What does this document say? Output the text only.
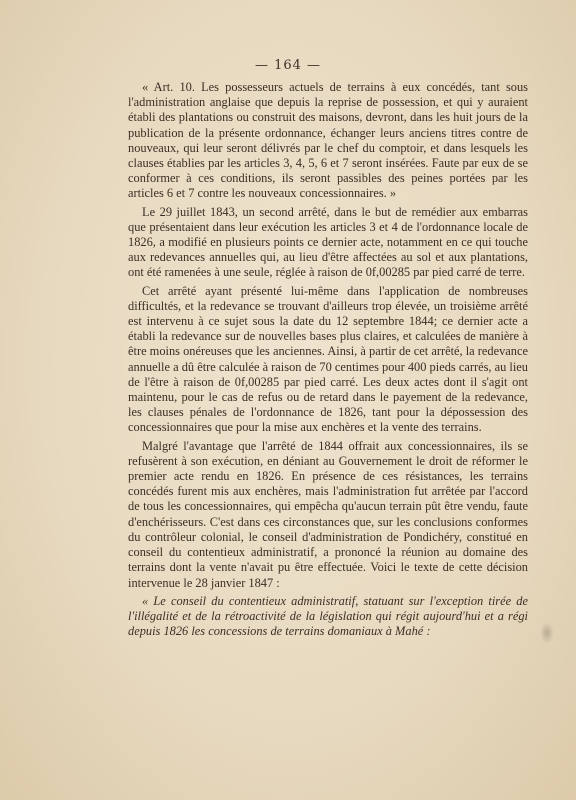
— 164 —

« Art. 10. Les possesseurs actuels de terrains à eux concédés, tant sous l'administration anglaise que depuis la reprise de possession, et qui y auraient établi des plantations ou construit des maisons, devront, dans les huit jours de la publication de la présente ordonnance, échanger leurs anciens titres contre de nouveaux, qui leur seront délivrés par le chef du comptoir, et dans lesquels les clauses établies par les articles 3, 4, 5, 6 et 7 seront insérées. Faute par eux de se conformer à ces conditions, ils seront passibles des peines portées par les articles 6 et 7 contre les nouveaux concessionnaires. »

Le 29 juillet 1843, un second arrêté, dans le but de remédier aux embarras que présentaient dans leur exécution les articles 3 et 4 de l'ordonnance locale de 1826, a modifié en plusieurs points ce dernier acte, notamment en ce qui touche aux redevances annuelles qui, au lieu d'être affectées au sol et aux plantations, ont été ramenées à une seule, réglée à raison de 0f,00285 par pied carré de terre.

Cet arrêté ayant présenté lui-même dans l'application de nombreuses difficultés, et la redevance se trouvant d'ailleurs trop élevée, un troisième arrêté est intervenu à ce sujet sous la date du 12 septembre 1844; ce dernier acte a établi la redevance sur de nouvelles bases plus claires, et calculées de manière à être moins onéreuses que les anciennes. Ainsi, à partir de cet arrêté, la redevance annuelle a dû être calculée à raison de 70 centimes pour 400 pieds carrés, au lieu de l'être à raison de 0f,00285 par pied carré. Les deux actes dont il s'agit ont maintenu, pour le cas de refus ou de retard dans le payement de la redevance, les clauses pénales de l'ordonnance de 1826, tant pour la dépossession des concessionnaires que pour la mise aux enchères et la vente des terrains.

Malgré l'avantage que l'arrêté de 1844 offrait aux concessionnaires, ils se refusèrent à son exécution, en déniant au Gouvernement le droit de réformer le premier acte rendu en 1826. En présence de ces résistances, les terrains concédés furent mis aux enchères, mais l'administration fut arrêtée par l'accord de tous les concessionnaires, qui empêcha qu'aucun terrain pût être vendu, faute d'enchérisseurs. C'est dans ces circonstances que, sur les conclusions conformes du contrôleur colonial, le conseil d'administration de Pondichéry, constitué en conseil du contentieux administratif, a prononcé la réunion au domaine des terrains dont la vente n'avait pu être effectuée. Voici le texte de cette décision intervenue le 28 janvier 1847 :

« Le conseil du contentieux administratif, statuant sur l'exception tirée de l'illégalité et de la rétroactivité de la législation qui régit aujourd'hui et a régi depuis 1826 les concessions de terrains domaniaux à Mahé :
